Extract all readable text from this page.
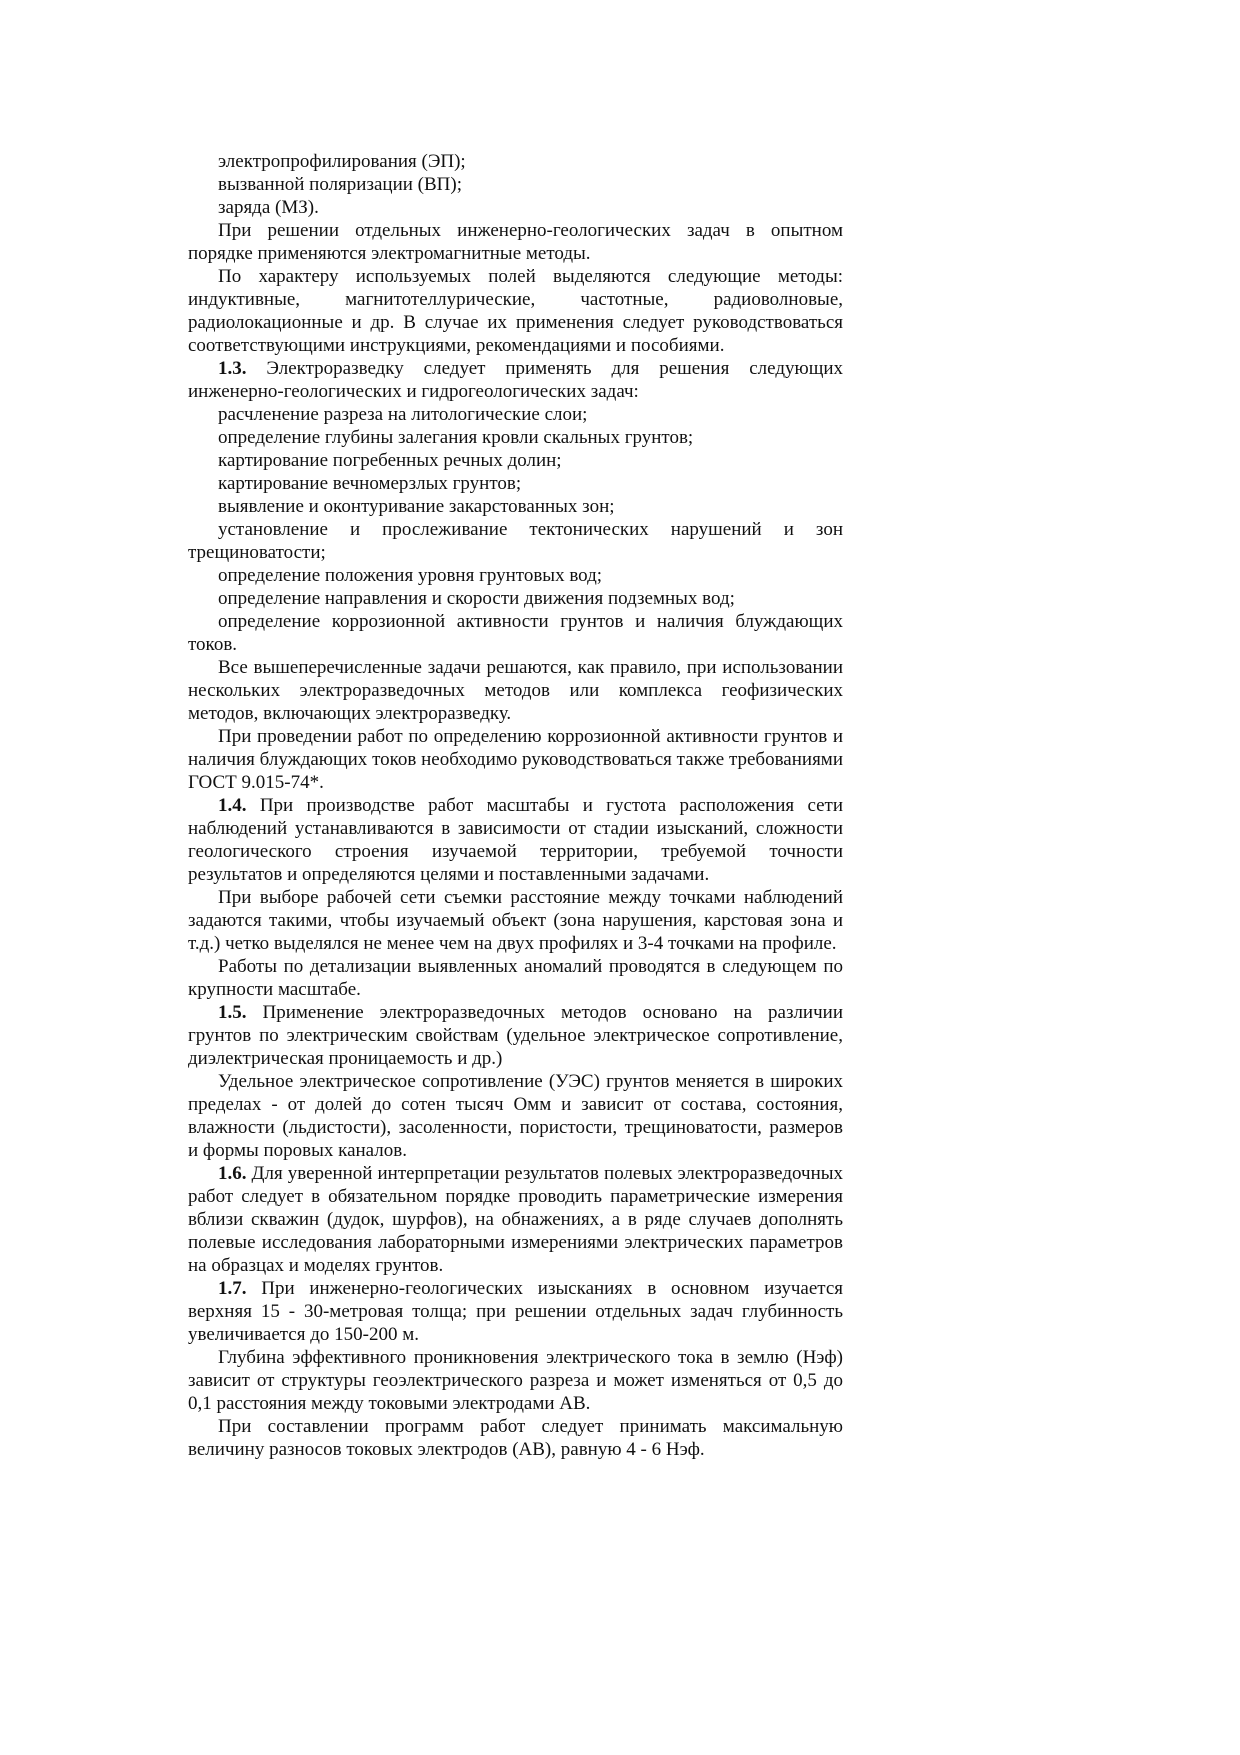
электропрофилирования (ЭП);

вызванной поляризации (ВП);

заряда (МЗ).

При решении отдельных инженерно-геологических задач в опытном порядке применяются электромагнитные методы.

По характеру используемых полей выделяются следующие методы: индуктивные, магнитотеллурические, частотные, радиоволновые, радиолокационные и др. В случае их применения следует руководствоваться соответствующими инструкциями, рекомендациями и пособиями.

1.3. Электроразведку следует применять для решения следующих инженерно-геологических и гидрогеологических задач:

расчленение разреза на литологические слои;

определение глубины залегания кровли скальных грунтов;

картирование погребенных речных долин;

картирование вечномерзлых грунтов;

выявление и оконтуривание закарстованных зон;

установление и прослеживание тектонических нарушений и зон трещиноватости;

определение положения уровня грунтовых вод;

определение направления и скорости движения подземных вод;

определение коррозионной активности грунтов и наличия блуждающих токов.

Все вышеперечисленные задачи решаются, как правило, при использовании нескольких электроразведочных методов или комплекса геофизических методов, включающих электроразведку.

При проведении работ по определению коррозионной активности грунтов и наличия блуждающих токов необходимо руководствоваться также требованиями ГОСТ 9.015-74*.

1.4. При производстве работ масштабы и густота расположения сети наблюдений устанавливаются в зависимости от стадии изысканий, сложности геологического строения изучаемой территории, требуемой точности результатов и определяются целями и поставленными задачами.

При выборе рабочей сети съемки расстояние между точками наблюдений задаются такими, чтобы изучаемый объект (зона нарушения, карстовая зона и т.д.) четко выделялся не менее чем на двух профилях и 3-4 точками на профиле.

Работы по детализации выявленных аномалий проводятся в следующем по крупности масштабе.

1.5. Применение электроразведочных методов основано на различии грунтов по электрическим свойствам (удельное электрическое сопротивление, диэлектрическая проницаемость и др.)

Удельное электрическое сопротивление (УЭС) грунтов меняется в широких пределах - от долей до сотен тысяч Омм и зависит от состава, состояния, влажности (льдистости), засоленности, пористости, трещиноватости, размеров и формы поровых каналов.

1.6. Для уверенной интерпретации результатов полевых электроразведочных работ следует в обязательном порядке проводить параметрические измерения вблизи скважин (дудок, шурфов), на обнажениях, а в ряде случаев дополнять полевые исследования лабораторными измерениями электрических параметров на образцах и моделях грунтов.

1.7. При инженерно-геологических изысканиях в основном изучается верхняя 15 - 30-метровая толща; при решении отдельных задач глубинность увеличивается до 150-200 м.

Глубина эффективного проникновения электрического тока в землю (Нэф) зависит от структуры геоэлектрического разреза и может изменяться от 0,5 до 0,1 расстояния между токовыми электродами АВ.

При составлении программ работ следует принимать максимальную величину разносов токовых электродов (АВ), равную 4 - 6 Нэф.
